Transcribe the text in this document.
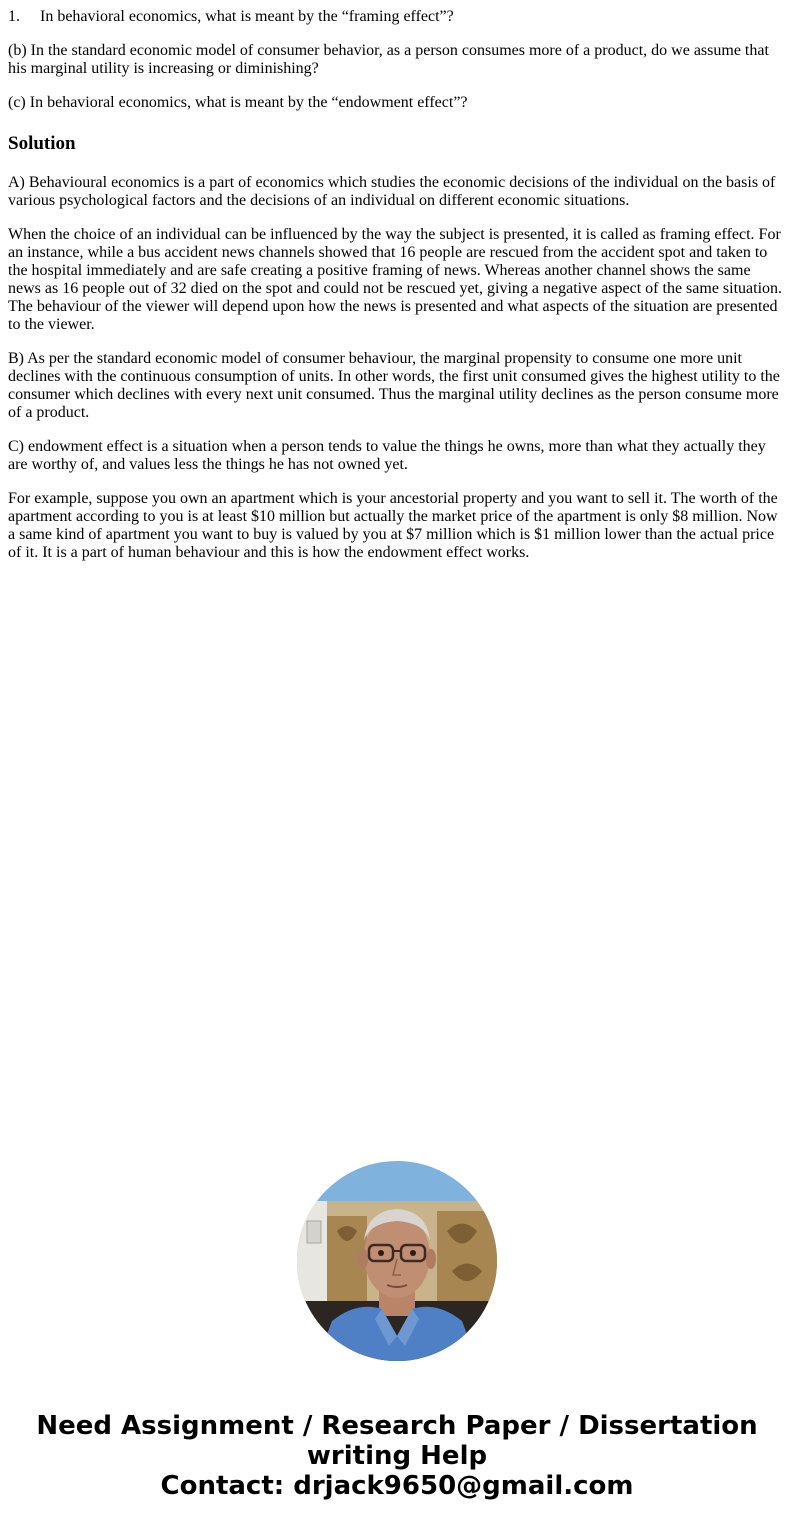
1. In behavioral economics, what is meant by the “framing effect”?

(b) In the standard economic model of consumer behavior, as a person consumes more of a product, do we assume that his marginal utility is increasing or diminishing?

(c) In behavioral economics, what is meant by the “endowment effect”?

Solution

A) Behavioural economics is a part of economics which studies the economic decisions of the individual on the basis of various psychological factors and the decisions of an individual on different economic situations.

When the choice of an individual can be influenced by the way the subject is presented, it is called as framing effect. For an instance, while a bus accident news channels showed that 16 people are rescued from the accident spot and taken to the hospital immediately and are safe creating a positive framing of news. Whereas another channel shows the same news as 16 people out of 32 died on the spot and could not be rescued yet, giving a negative aspect of the same situation. The behaviour of the viewer will depend upon how the news is presented and what aspects of the situation are presented to the viewer.

B) As per the standard economic model of consumer behaviour, the marginal propensity to consume one more unit declines with the continuous consumption of units. In other words, the first unit consumed gives the highest utility to the consumer which declines with every next unit consumed. Thus the marginal utility declines as the person consume more of a product.

C) endowment effect is a situation when a person tends to value the things he owns, more than what they actually they are worthy of, and values less the things he has not owned yet.

For example, suppose you own an apartment which is your ancestorial property and you want to sell it. The worth of the apartment according to you is at least $10 million but actually the market price of the apartment is only $8 million. Now a same kind of apartment you want to buy is valued by you at $7 million which is $1 million lower than the actual price of it. It is a part of human behaviour and this is how the endowment effect works.

Need Assignment / Research Paper / Dissertation
writing Help
Contact: drjack9650@gmail.com
